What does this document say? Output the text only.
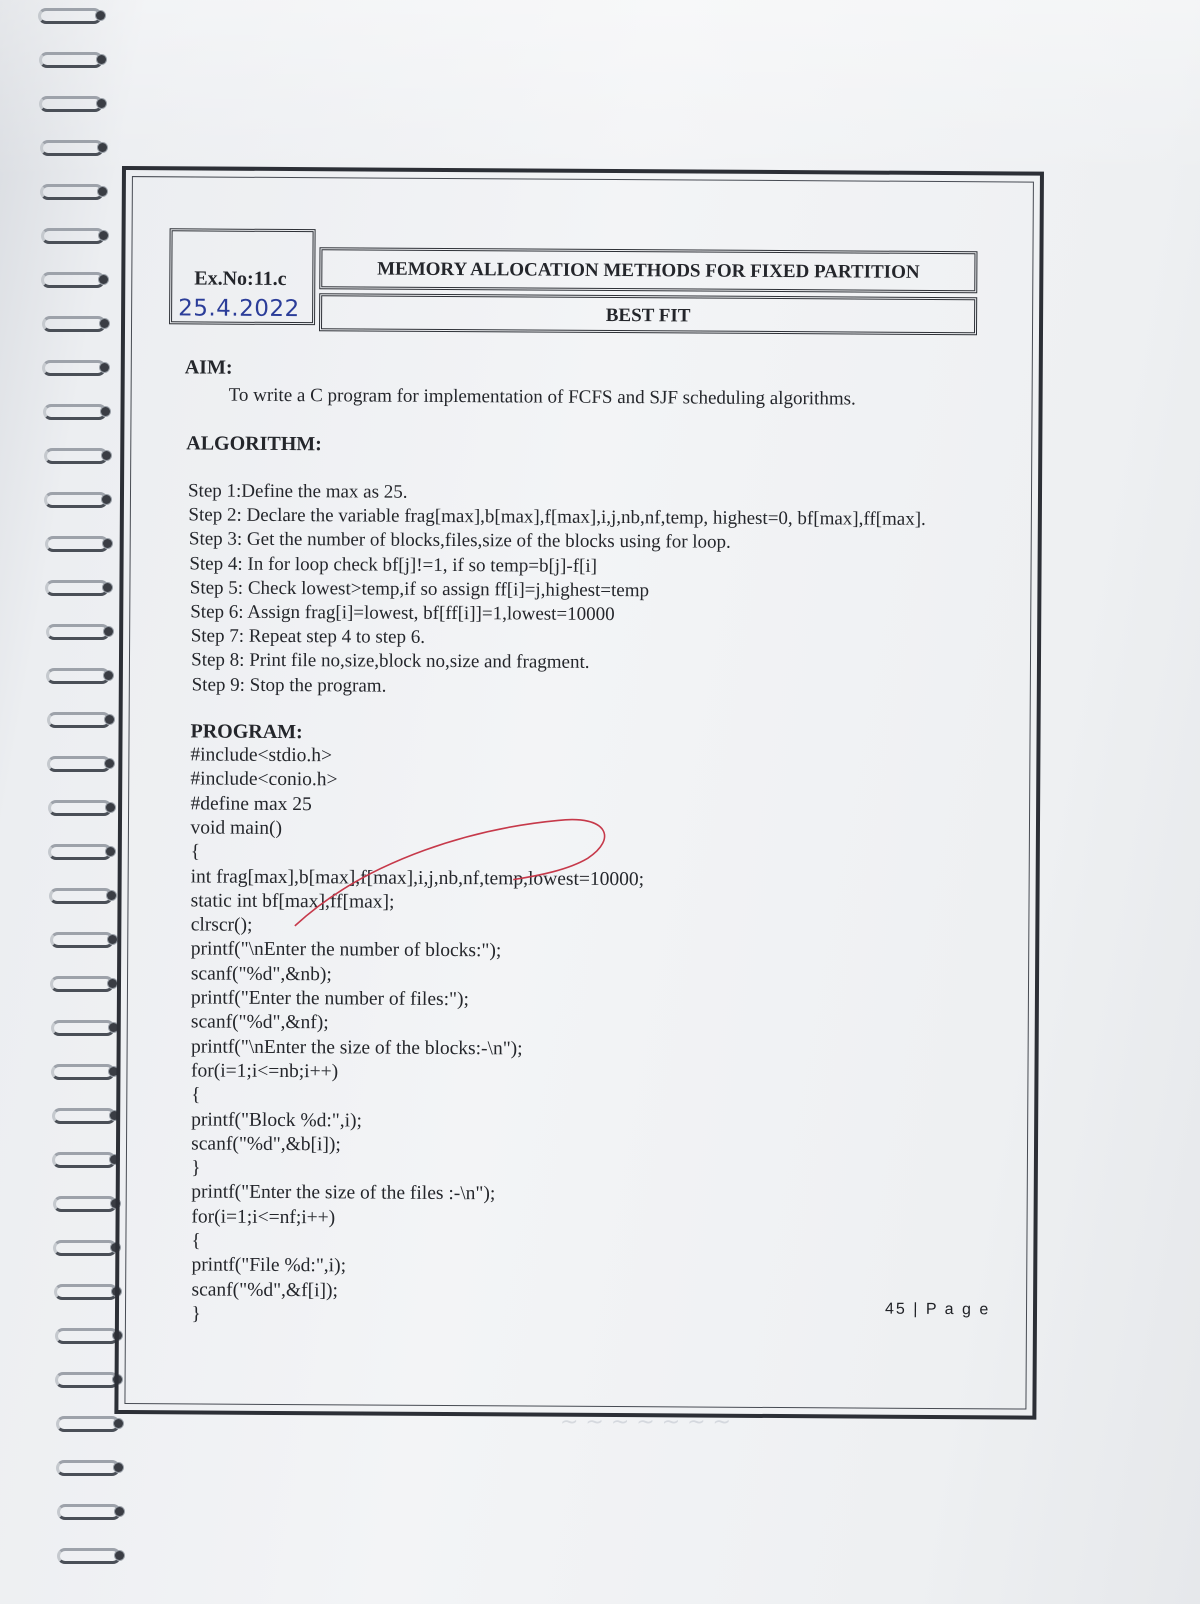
Ex.No:11.c
25.4.2022
MEMORY ALLOCATION METHODS FOR FIXED PARTITION
BEST FIT
AIM:
To write a C program for implementation of FCFS and SJF scheduling algorithms.
ALGORITHM:
Step 1:Define the max as 25.
Step 2: Declare the variable frag[max],b[max],f[max],i,j,nb,nf,temp, highest=0, bf[max],ff[max].
Step 3: Get the number of blocks,files,size of the blocks using for loop.
Step 4: In for loop check bf[j]!=1, if so temp=b[j]-f[i]
Step 5: Check lowest>temp,if so assign ff[i]=j,highest=temp
Step 6: Assign frag[i]=lowest, bf[ff[i]]=1,lowest=10000
Step 7: Repeat step 4 to step 6.
Step 8: Print file no,size,block no,size and fragment.
Step 9: Stop the program.
PROGRAM:
#include<stdio.h>
#include<conio.h>
#define max 25
void main()
{
int frag[max],b[max],f[max],i,j,nb,nf,temp,lowest=10000;
static int bf[max],ff[max];
clrscr();
printf("\nEnter the number of blocks:");
scanf("%d",&nb);
printf("Enter the number of files:");
scanf("%d",&nf);
printf("\nEnter the size of the blocks:-\n");
for(i=1;i<=nb;i++)
{
printf("Block %d:",i);
scanf("%d",&b[i]);
}
printf("Enter the size of the files :-\n");
for(i=1;i<=nf;i++)
{
printf("File %d:",i);
scanf("%d",&f[i]);
}	45 | P a g e
~ ~ ~ ~ ~ ~ ~
